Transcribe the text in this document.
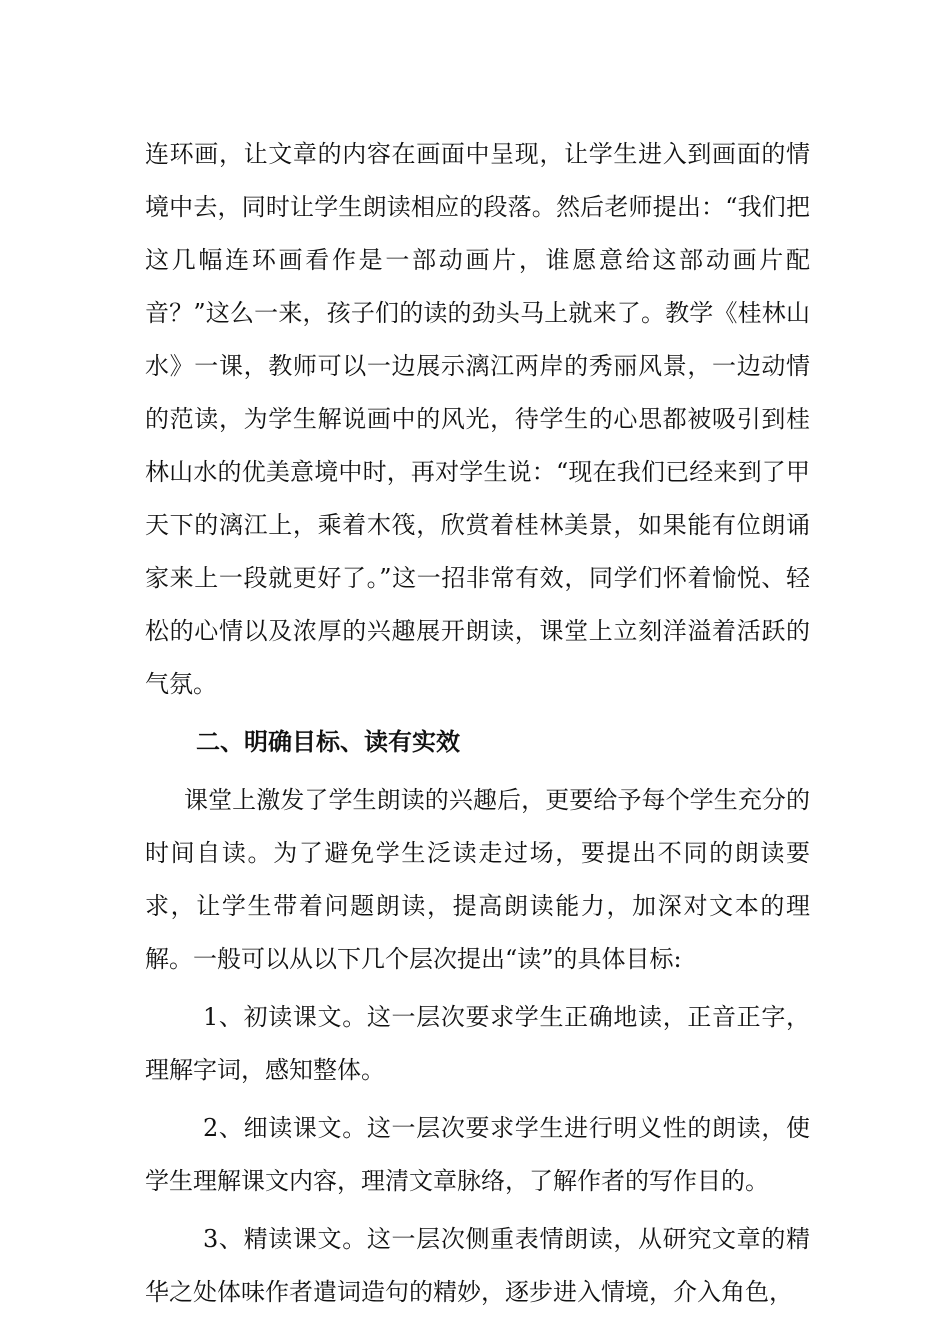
连环画，让文章的内容在画面中呈现，让学生进入到画面的情境中去，同时让学生朗读相应的段落。然后老师提出：“我们把这几幅连环画看作是一部动画片，谁愿意给这部动画片配音？”这么一来，孩子们的读的劲头马上就来了。教学《桂林山水》一课，教师可以一边展示漓江两岸的秀丽风景，一边动情的范读，为学生解说画中的风光，待学生的心思都被吸引到桂林山水的优美意境中时，再对学生说：“现在我们已经来到了甲天下的漓江上，乘着木筏，欣赏着桂林美景，如果能有位朗诵家来上一段就更好了。”这一招非常有效，同学们怀着愉悦、轻松的心情以及浓厚的兴趣展开朗读，课堂上立刻洋溢着活跃的气氛。

二、明确目标、读有实效

课堂上激发了学生朗读的兴趣后，更要给予每个学生充分的时间自读。为了避免学生泛读走过场，要提出不同的朗读要求，让学生带着问题朗读，提高朗读能力，加深对文本的理解。一般可以从以下几个层次提出“读”的具体目标:

1、初读课文。这一层次要求学生正确地读，正音正字，理解字词，感知整体。

2、细读课文。这一层次要求学生进行明义性的朗读，使学生理解课文内容，理清文章脉络，了解作者的写作目的。

3、精读课文。这一层次侧重表情朗读，从研究文章的精华之处体味作者遣词造句的精妙，逐步进入情境，介入角色，
